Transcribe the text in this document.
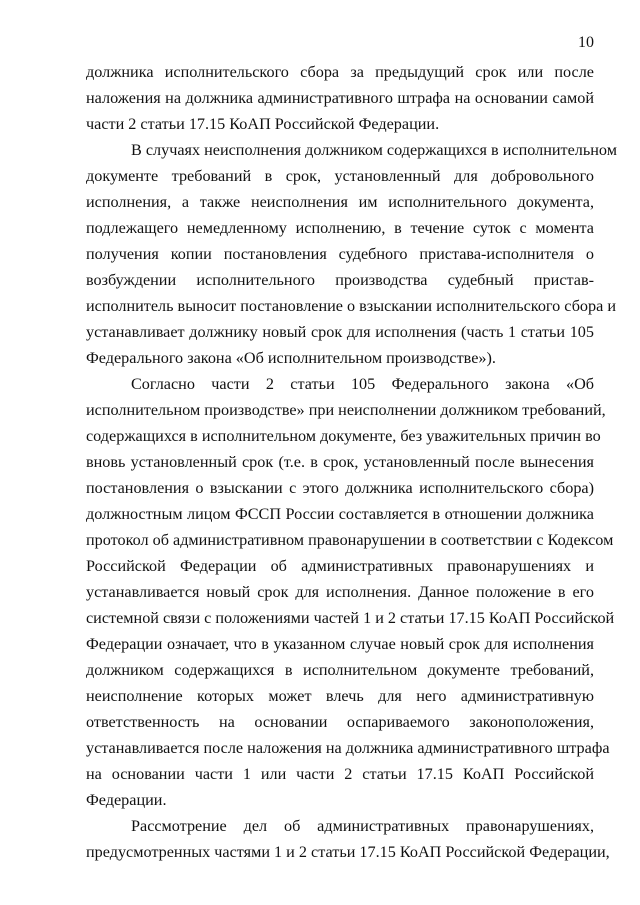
10
должника исполнительского сбора за предыдущий срок или после
наложения на должника административного штрафа на основании самой
части 2 статьи 17.15 КоАП Российской Федерации.
В случаях неисполнения должником содержащихся в исполнительном
документе требований в срок, установленный для добровольного
исполнения, а также неисполнения им исполнительного документа,
подлежащего немедленному исполнению, в течение суток с момента
получения копии постановления судебного пристава-исполнителя о
возбуждении исполнительного производства судебный пристав-
исполнитель выносит постановление о взыскании исполнительского сбора и
устанавливает должнику новый срок для исполнения (часть 1 статьи 105
Федерального закона «Об исполнительном производстве»).
Согласно части 2 статьи 105 Федерального закона «Об
исполнительном производстве» при неисполнении должником требований,
содержащихся в исполнительном документе, без уважительных причин во
вновь установленный срок (т.е. в срок, установленный после вынесения
постановления о взыскании с этого должника исполнительского сбора)
должностным лицом ФССП России составляется в отношении должника
протокол об административном правонарушении в соответствии с Кодексом
Российской Федерации об административных правонарушениях и
устанавливается новый срок для исполнения. Данное положение в его
системной связи с положениями частей 1 и 2 статьи 17.15 КоАП Российской
Федерации означает, что в указанном случае новый срок для исполнения
должником содержащихся в исполнительном документе требований,
неисполнение которых может влечь для него административную
ответственность на основании оспариваемого законоположения,
устанавливается после наложения на должника административного штрафа
на основании части 1 или части 2 статьи 17.15 КоАП Российской
Федерации.
Рассмотрение дел об административных правонарушениях,
предусмотренных частями 1 и 2 статьи 17.15 КоАП Российской Федерации,
